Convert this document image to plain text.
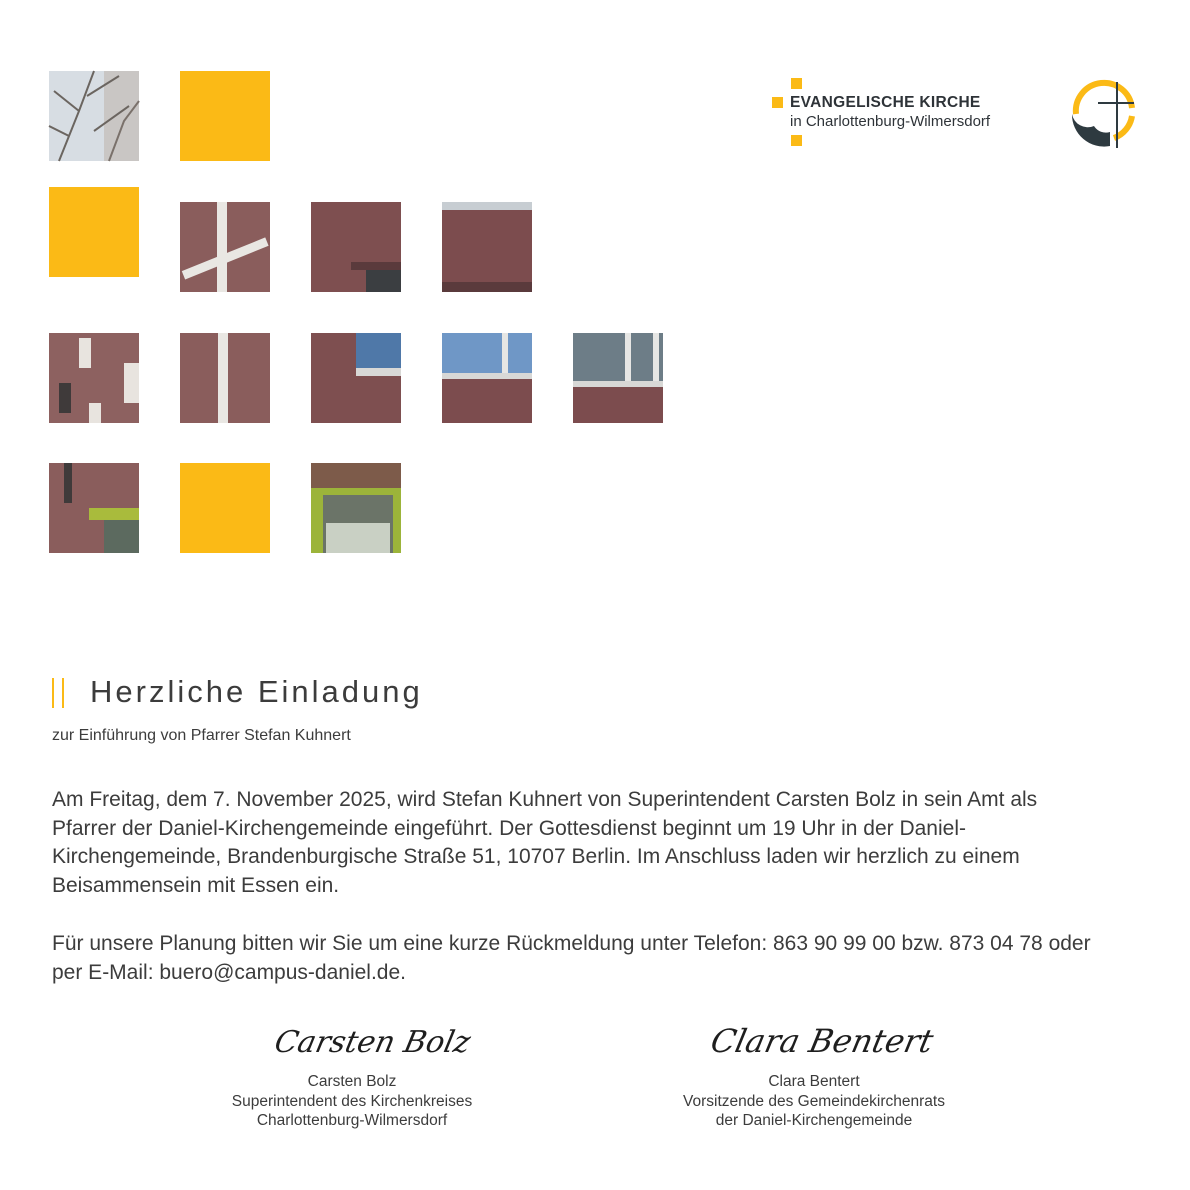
EVANGELISCHE KIRCHE
in Charlottenburg-Wilmersdorf
Herzliche Einladung
zur Einführung von Pfarrer Stefan Kuhnert

Am Freitag, dem 7. November 2025, wird Stefan Kuhnert von Superintendent Carsten Bolz in sein Amt als Pfarrer der Daniel-Kirchengemeinde eingeführt. Der Gottesdienst beginnt um 19 Uhr in der Daniel-Kirchengemeinde, Brandenburgische Straße 51, 10707 Berlin. Im Anschluss laden wir herzlich zu einem Beisammensein mit Essen ein.

Für unsere Planung bitten wir Sie um eine kurze Rückmeldung unter Telefon: 863 90 99 00 bzw. 873 04 78 oder per E-Mail: buero@campus-daniel.de.

Carsten Bolz
Carsten Bolz
Superintendent des Kirchenkreises
Charlottenburg-Wilmersdorf
Clara Bentert
Clara Bentert
Vorsitzende des Gemeindekirchenrats
der Daniel-Kirchengemeinde
